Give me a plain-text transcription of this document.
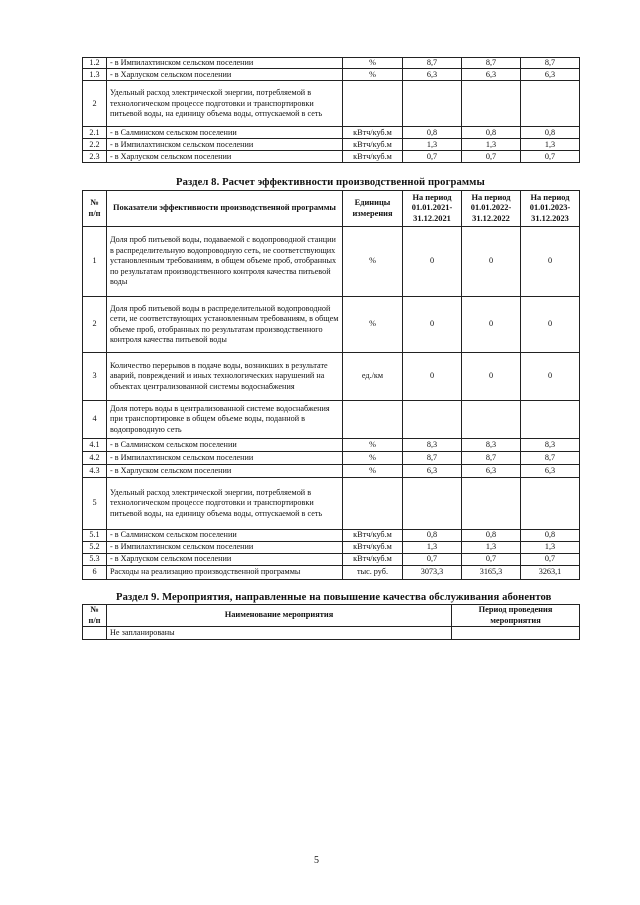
1.2	- в Импилахтинском сельском поселении	%	8,7	8,7	8,7
1.3	- в Харлуском сельском поселении	%	6,3	6,3	6,3
2	Удельный расход электрической энергии, потребляемой в технологическом процессе подготовки и транспортировки питьевой воды, на единицу объема воды, отпускаемой в сеть				
2.1	- в Салминском сельском поселении	кВтч/куб.м	0,8	0,8	0,8
2.2	- в Импилахтинском сельском поселении	кВтч/куб.м	1,3	1,3	1,3
2.3	- в Харлуском сельском поселении	кВтч/куб.м	0,7	0,7	0,7
Раздел 8. Расчет эффективности производственной программы
№ п/п	Показатели эффективности производственной программы	Единицы измерения	На период 01.01.2021- 31.12.2021	На период 01.01.2022- 31.12.2022	На период 01.01.2023- 31.12.2023
1	Доля проб питьевой воды, подаваемой с водопроводной станции в распределительную водопроводную сеть, не соответствующих установленным требованиям, в общем объеме проб, отобранных по результатам производственного контроля качества питьевой воды	%	0	0	0
2	Доля проб питьевой воды в распределительной водопроводной сети, не соответствующих установленным требованиям, в общем объеме проб, отобранных по результатам производственного контроля качества питьевой воды	%	0	0	0
3	Количество перерывов в подаче воды, возникших в результате аварий, повреждений и иных технологических нарушений на объектах централизованной системы водоснабжения	ед./км	0	0	0
4	Доля потерь воды в централизованной системе водоснабжения при транспортировке в общем объеме воды, поданной в водопроводную сеть				
4.1	- в Салминском сельском поселении	%	8,3	8,3	8,3
4.2	- в Импилахтинском сельском поселении	%	8,7	8,7	8,7
4.3	- в Харлуском сельском поселении	%	6,3	6,3	6,3
5	Удельный расход электрической энергии, потребляемой в технологическом процессе подготовки и транспортировки питьевой воды, на единицу объема воды, отпускаемой в сеть				
5.1	- в Салминском сельском поселении	кВтч/куб.м	0,8	0,8	0,8
5.2	- в Импилахтинском сельском поселении	кВтч/куб.м	1,3	1,3	1,3
5.3	- в Харлуском сельском поселении	кВтч/куб.м	0,7	0,7	0,7
6	Расходы на реализацию производственной программы	тыс. руб.	3073,3	3165,3	3263,1
Раздел 9. Мероприятия, направленные на повышение качества обслуживания абонентов
№ п/п	Наименование мероприятия	Период проведения мероприятия
	Не запланированы	
5
